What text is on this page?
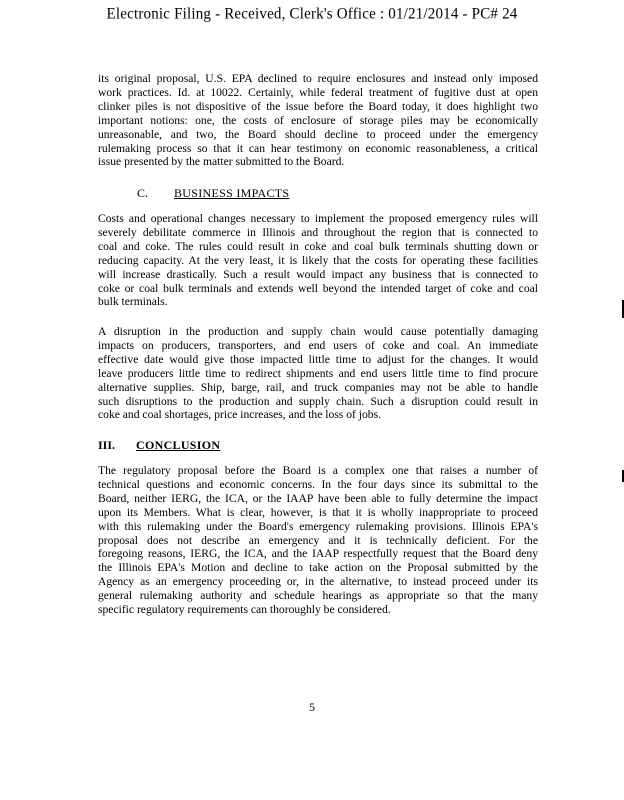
Electronic Filing - Received, Clerk's Office : 01/21/2014 - PC# 24
its original proposal, U.S. EPA declined to require enclosures and instead only imposed
work practices. Id. at 10022. Certainly, while federal treatment of fugitive dust at open
clinker piles is not dispositive of the issue before the Board today, it does highlight two
important notions: one, the costs of enclosure of storage piles may be economically
unreasonable, and two, the Board should decline to proceed under the emergency
rulemaking process so that it can hear testimony on economic reasonableness, a critical
issue presented by the matter submitted to the Board.
C. BUSINESS IMPACTS
Costs and operational changes necessary to implement the proposed emergency rules will
severely debilitate commerce in Illinois and throughout the region that is connected to
coal and coke. The rules could result in coke and coal bulk terminals shutting down or
reducing capacity. At the very least, it is likely that the costs for operating these facilities
will increase drastically. Such a result would impact any business that is connected to
coke or coal bulk terminals and extends well beyond the intended target of coke and coal
bulk terminals.
A disruption in the production and supply chain would cause potentially damaging
impacts on producers, transporters, and end users of coke and coal. An immediate
effective date would give those impacted little time to adjust for the changes. It would
leave producers little time to redirect shipments and end users little time to find procure
alternative supplies. Ship, barge, rail, and truck companies may not be able to handle
such disruptions to the production and supply chain. Such a disruption could result in
coke and coal shortages, price increases, and the loss of jobs.
III. CONCLUSION
The regulatory proposal before the Board is a complex one that raises a number of
technical questions and economic concerns. In the four days since its submittal to the
Board, neither IERG, the ICA, or the IAAP have been able to fully determine the impact
upon its Members. What is clear, however, is that it is wholly inappropriate to proceed
with this rulemaking under the Board's emergency rulemaking provisions. Illinois EPA's
proposal does not describe an emergency and it is technically deficient. For the
foregoing reasons, IERG, the ICA, and the IAAP respectfully request that the Board deny
the Illinois EPA's Motion and decline to take action on the Proposal submitted by the
Agency as an emergency proceeding or, in the alternative, to instead proceed under its
general rulemaking authority and schedule hearings as appropriate so that the many
specific regulatory requirements can thoroughly be considered.
5
